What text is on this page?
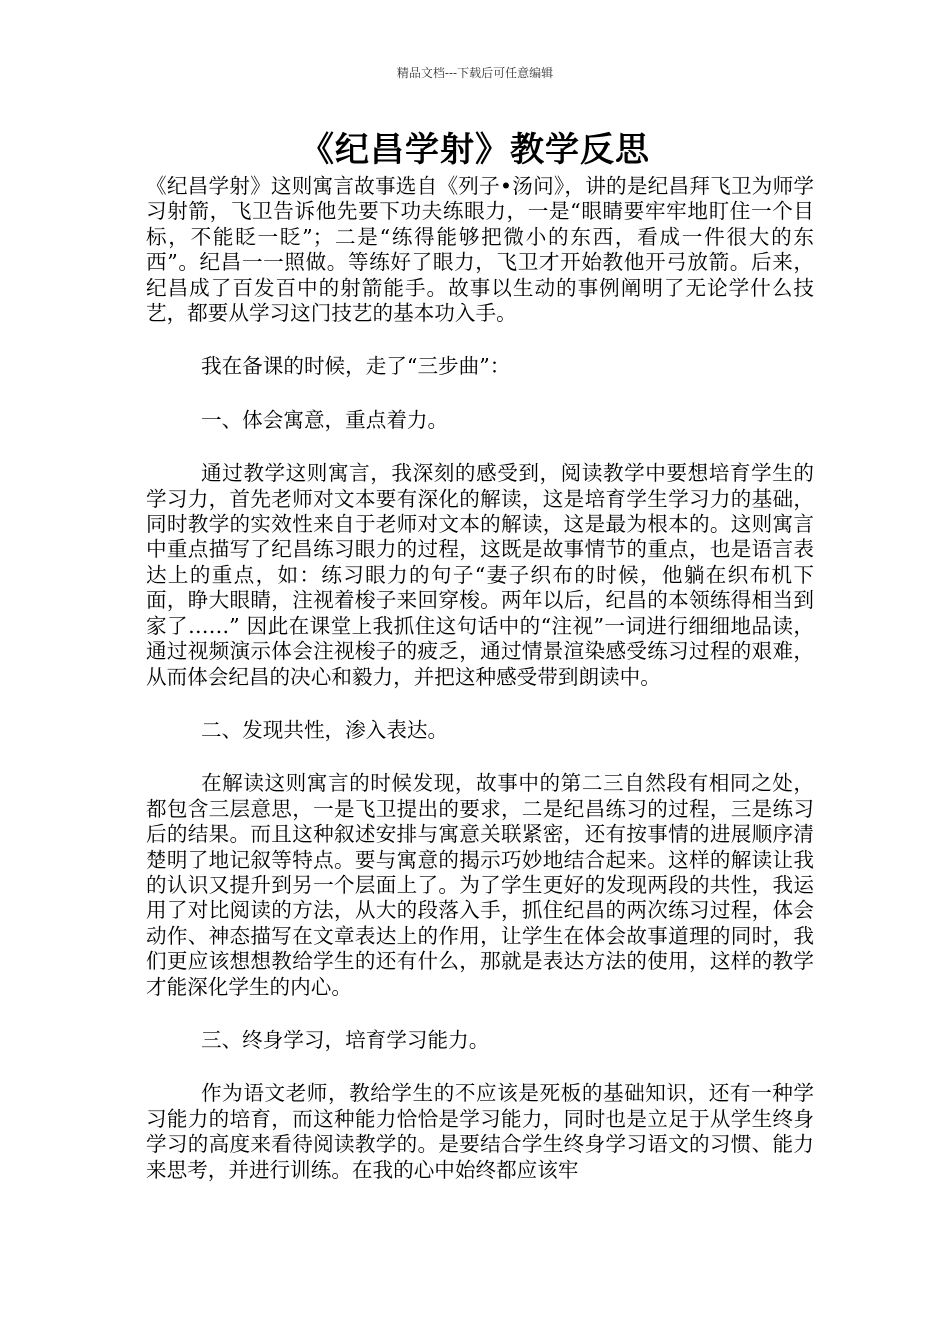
精品文档---下载后可任意编辑
《纪昌学射》教学反思

《纪昌学射》这则寓言故事选自《列子•汤问》，讲的是纪昌拜飞卫为师学习射箭，飞卫告诉他先要下功夫练眼力，一是“眼睛要牢牢地盯住一个目标，不能眨一眨”；二是“练得能够把微小的东西，看成一件很大的东西”。纪昌一一照做。等练好了眼力，飞卫才开始教他开弓放箭。后来，纪昌成了百发百中的射箭能手。故事以生动的事例阐明了无论学什么技艺，都要从学习这门技艺的基本功入手。

我在备课的时候，走了“三步曲”：

一、体会寓意，重点着力。

通过教学这则寓言，我深刻的感受到，阅读教学中要想培育学生的学习力，首先老师对文本要有深化的解读，这是培育学生学习力的基础，同时教学的实效性来自于老师对文本的解读，这是最为根本的。这则寓言中重点描写了纪昌练习眼力的过程，这既是故事情节的重点，也是语言表达上的重点，如：练习眼力的句子“妻子织布的时候，他躺在织布机下面，睁大眼睛，注视着梭子来回穿梭。两年以后，纪昌的本领练得相当到家了……” 因此在课堂上我抓住这句话中的“注视”一词进行细细地品读，通过视频演示体会注视梭子的疲乏，通过情景渲染感受练习过程的艰难，从而体会纪昌的决心和毅力，并把这种感受带到朗读中。

二、发现共性，渗入表达。

在解读这则寓言的时候发现，故事中的第二三自然段有相同之处，都包含三层意思，一是飞卫提出的要求，二是纪昌练习的过程，三是练习后的结果。而且这种叙述安排与寓意关联紧密，还有按事情的进展顺序清楚明了地记叙等特点。要与寓意的揭示巧妙地结合起来。这样的解读让我的认识又提升到另一个层面上了。为了学生更好的发现两段的共性，我运用了对比阅读的方法，从大的段落入手，抓住纪昌的两次练习过程，体会动作、神态描写在文章表达上的作用，让学生在体会故事道理的同时，我们更应该想想教给学生的还有什么，那就是表达方法的使用，这样的教学才能深化学生的内心。

三、终身学习，培育学习能力。

作为语文老师，教给学生的不应该是死板的基础知识，还有一种学习能力的培育，而这种能力恰恰是学习能力，同时也是立足于从学生终身学习的高度来看待阅读教学的。是要结合学生终身学习语文的习惯、能力来思考，并进行训练。在我的心中始终都应该牢
